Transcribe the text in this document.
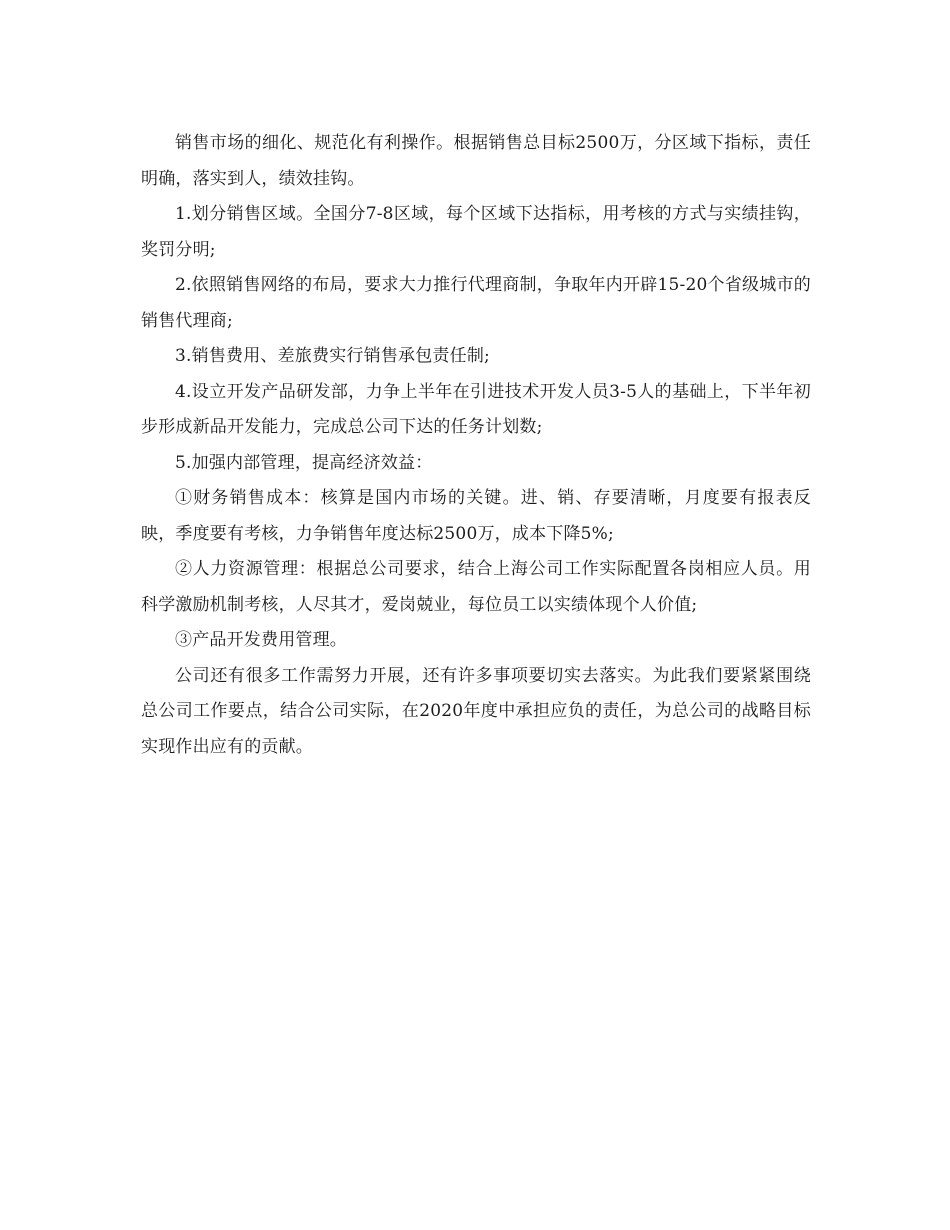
销售市场的细化、规范化有利操作。根据销售总目标2500万，分区域下指标，责任明确，落实到人，绩效挂钩。

1.划分销售区域。全国分7-8区域，每个区域下达指标，用考核的方式与实绩挂钩，奖罚分明;

2.依照销售网络的布局，要求大力推行代理商制，争取年内开辟15-20个省级城市的销售代理商;

3.销售费用、差旅费实行销售承包责任制;

4.设立开发产品研发部，力争上半年在引进技术开发人员3-5人的基础上，下半年初步形成新品开发能力，完成总公司下达的任务计划数;

5.加强内部管理，提高经济效益：

①财务销售成本：核算是国内市场的关键。进、销、存要清晰，月度要有报表反映，季度要有考核，力争销售年度达标2500万，成本下降5%;

②人力资源管理：根据总公司要求，结合上海公司工作实际配置各岗相应人员。用科学激励机制考核，人尽其才，爱岗兢业，每位员工以实绩体现个人价值;

③产品开发费用管理。

公司还有很多工作需努力开展，还有许多事项要切实去落实。为此我们要紧紧围绕总公司工作要点，结合公司实际，在2020年度中承担应负的责任，为总公司的战略目标实现作出应有的贡献。
